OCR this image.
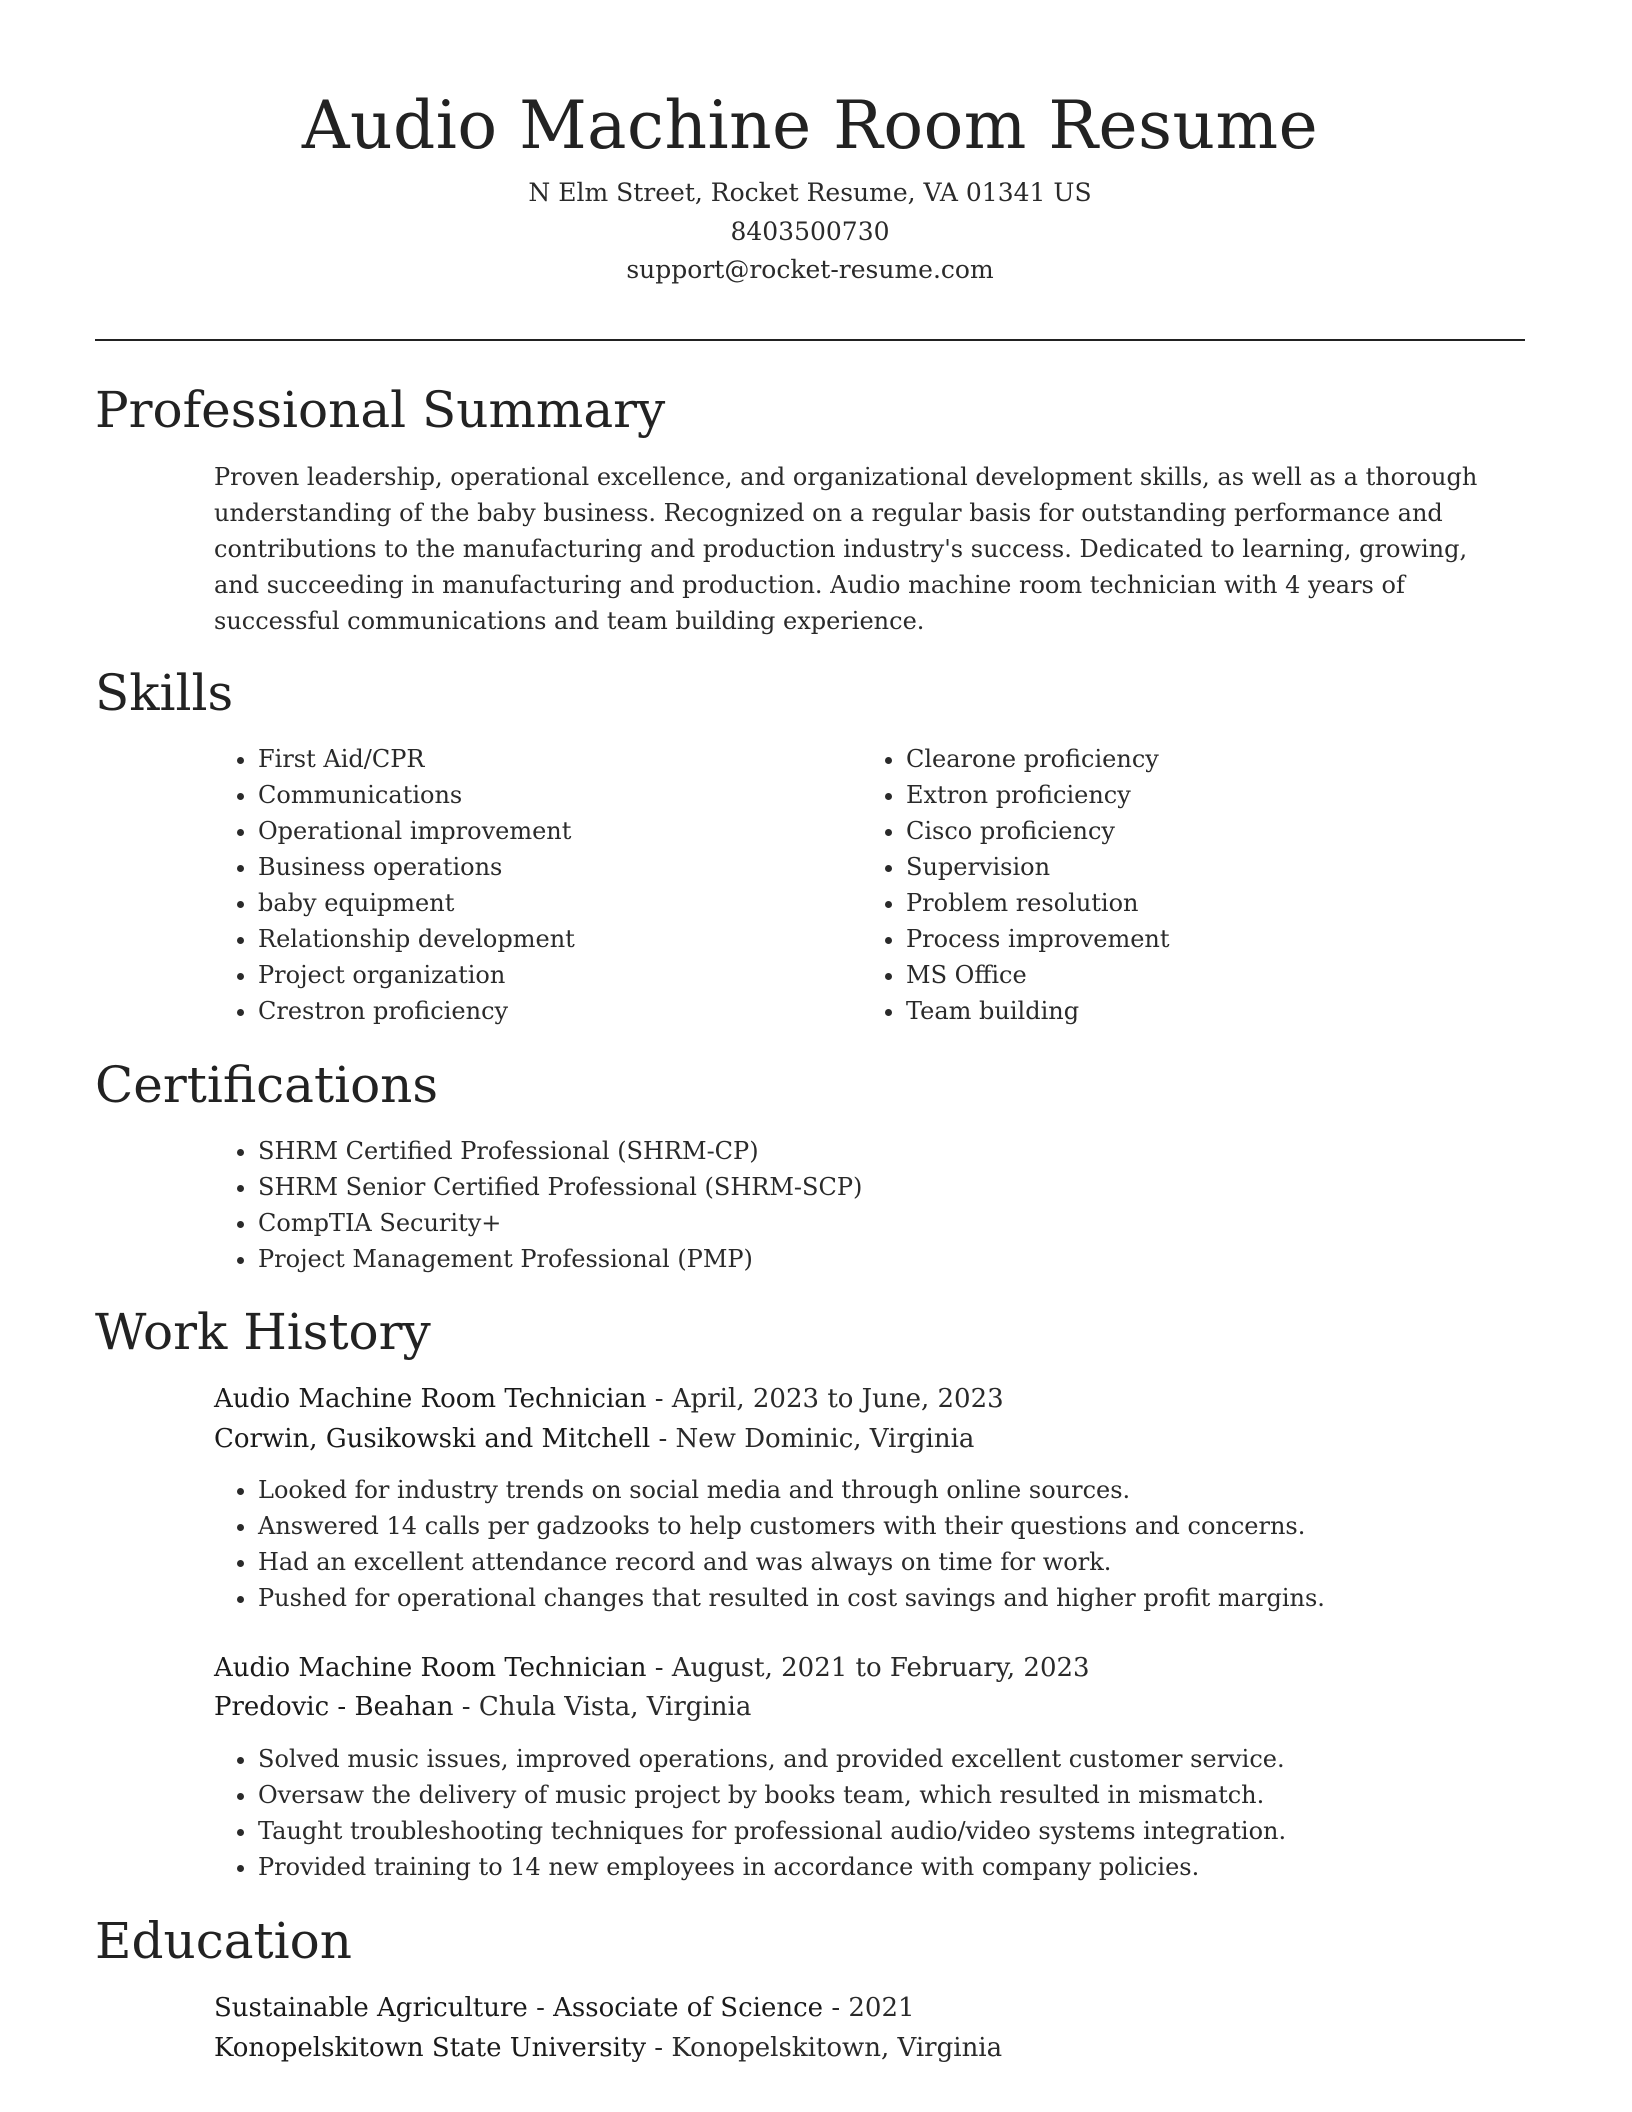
Audio Machine Room Resume
N Elm Street, Rocket Resume, VA 01341 US
8403500730
support@rocket-resume.com
Professional Summary
Proven leadership, operational excellence, and organizational development skills, as well as a thorough understanding of the baby business. Recognized on a regular basis for outstanding performance and contributions to the manufacturing and production industry's success. Dedicated to learning, growing, and succeeding in manufacturing and production. Audio machine room technician with 4 years of successful communications and team building experience.
Skills
• First Aid/CPR
• Communications
• Operational improvement
• Business operations
• baby equipment
• Relationship development
• Project organization
• Crestron proficiency
• Clearone proficiency
• Extron proficiency
• Cisco proficiency
• Supervision
• Problem resolution
• Process improvement
• MS Office
• Team building
Certifications
• SHRM Certified Professional (SHRM-CP)
• SHRM Senior Certified Professional (SHRM-SCP)
• CompTIA Security+
• Project Management Professional (PMP)
Work History
Audio Machine Room Technician - April, 2023 to June, 2023
Corwin, Gusikowski and Mitchell - New Dominic, Virginia
• Looked for industry trends on social media and through online sources.
• Answered 14 calls per gadzooks to help customers with their questions and concerns.
• Had an excellent attendance record and was always on time for work.
• Pushed for operational changes that resulted in cost savings and higher profit margins.
Audio Machine Room Technician - August, 2021 to February, 2023
Predovic - Beahan - Chula Vista, Virginia
• Solved music issues, improved operations, and provided excellent customer service.
• Oversaw the delivery of music project by books team, which resulted in mismatch.
• Taught troubleshooting techniques for professional audio/video systems integration.
• Provided training to 14 new employees in accordance with company policies.
Education
Sustainable Agriculture - Associate of Science - 2021
Konopelskitown State University - Konopelskitown, Virginia
